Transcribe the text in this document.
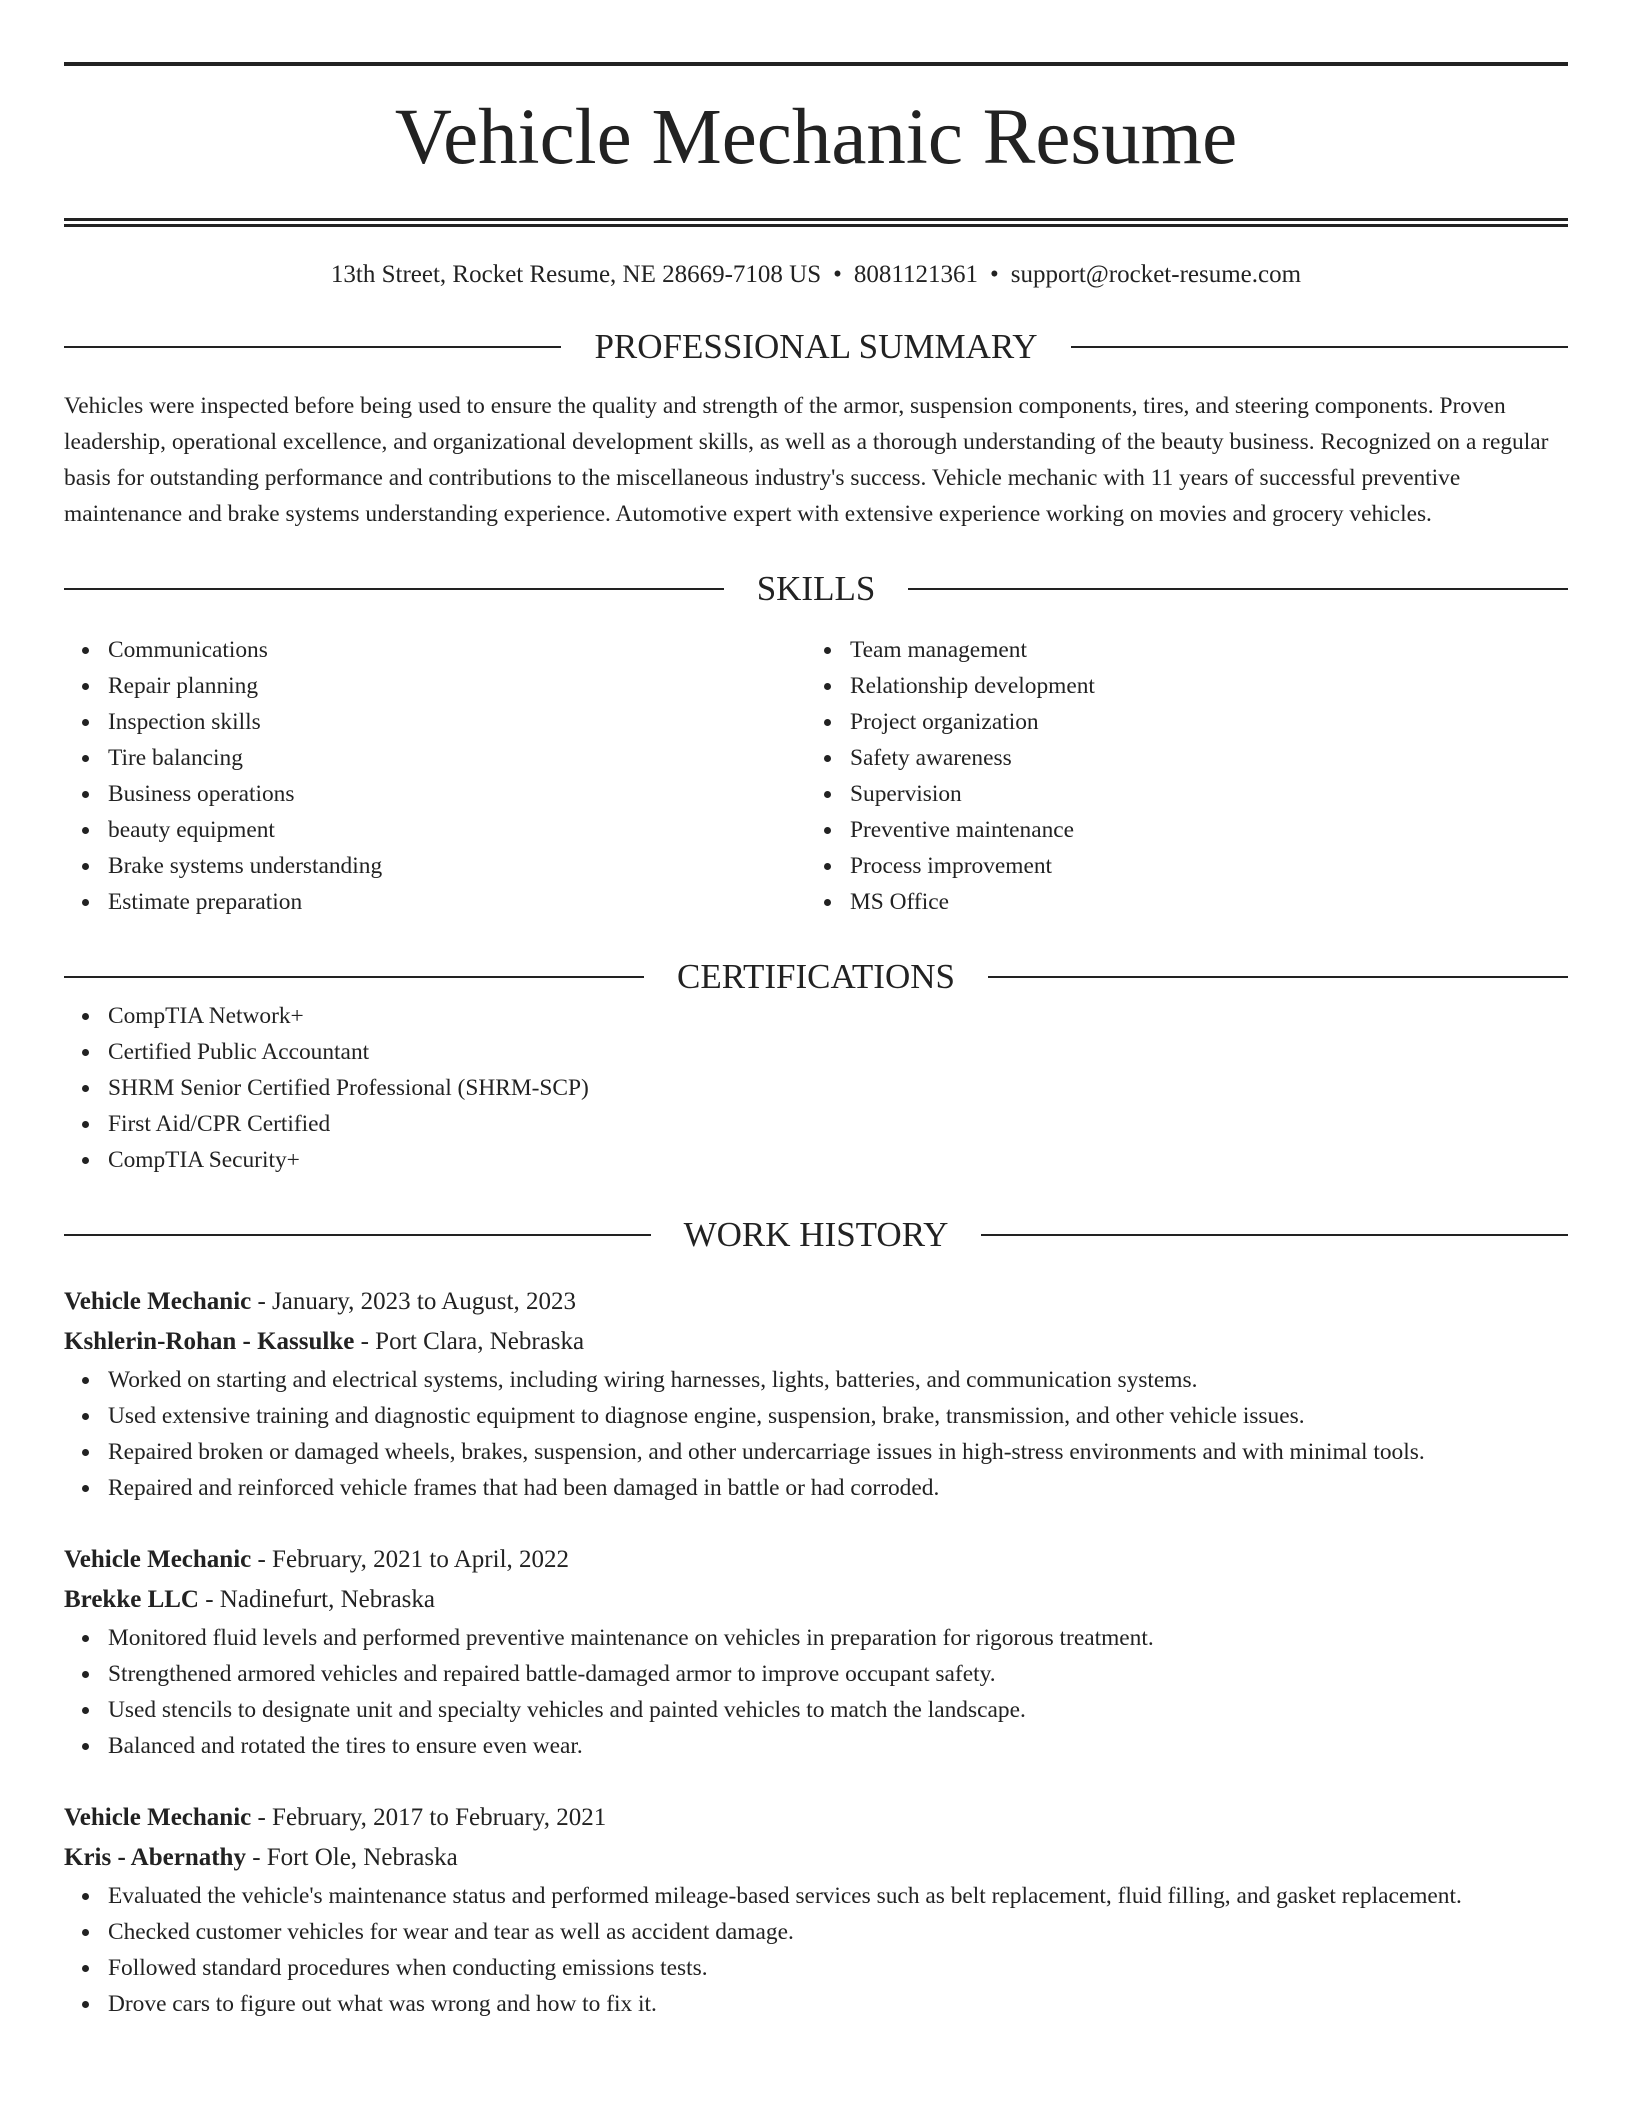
Vehicle Mechanic Resume
13th Street, Rocket Resume, NE 28669-7108 US • 8081121361 • support@rocket-resume.com
PROFESSIONAL SUMMARY
Vehicles were inspected before being used to ensure the quality and strength of the armor, suspension components, tires, and steering components. Proven leadership, operational excellence, and organizational development skills, as well as a thorough understanding of the beauty business. Recognized on a regular basis for outstanding performance and contributions to the miscellaneous industry's success. Vehicle mechanic with 11 years of successful preventive maintenance and brake systems understanding experience. Automotive expert with extensive experience working on movies and grocery vehicles.
SKILLS
Communications
Repair planning
Inspection skills
Tire balancing
Business operations
beauty equipment
Brake systems understanding
Estimate preparation
Team management
Relationship development
Project organization
Safety awareness
Supervision
Preventive maintenance
Process improvement
MS Office
CERTIFICATIONS
CompTIA Network+
Certified Public Accountant
SHRM Senior Certified Professional (SHRM-SCP)
First Aid/CPR Certified
CompTIA Security+
WORK HISTORY
Vehicle Mechanic - January, 2023 to August, 2023
Kshlerin-Rohan - Kassulke - Port Clara, Nebraska
Worked on starting and electrical systems, including wiring harnesses, lights, batteries, and communication systems.
Used extensive training and diagnostic equipment to diagnose engine, suspension, brake, transmission, and other vehicle issues.
Repaired broken or damaged wheels, brakes, suspension, and other undercarriage issues in high-stress environments and with minimal tools.
Repaired and reinforced vehicle frames that had been damaged in battle or had corroded.
Vehicle Mechanic - February, 2021 to April, 2022
Brekke LLC - Nadinefurt, Nebraska
Monitored fluid levels and performed preventive maintenance on vehicles in preparation for rigorous treatment.
Strengthened armored vehicles and repaired battle-damaged armor to improve occupant safety.
Used stencils to designate unit and specialty vehicles and painted vehicles to match the landscape.
Balanced and rotated the tires to ensure even wear.
Vehicle Mechanic - February, 2017 to February, 2021
Kris - Abernathy - Fort Ole, Nebraska
Evaluated the vehicle's maintenance status and performed mileage-based services such as belt replacement, fluid filling, and gasket replacement.
Checked customer vehicles for wear and tear as well as accident damage.
Followed standard procedures when conducting emissions tests.
Drove cars to figure out what was wrong and how to fix it.
